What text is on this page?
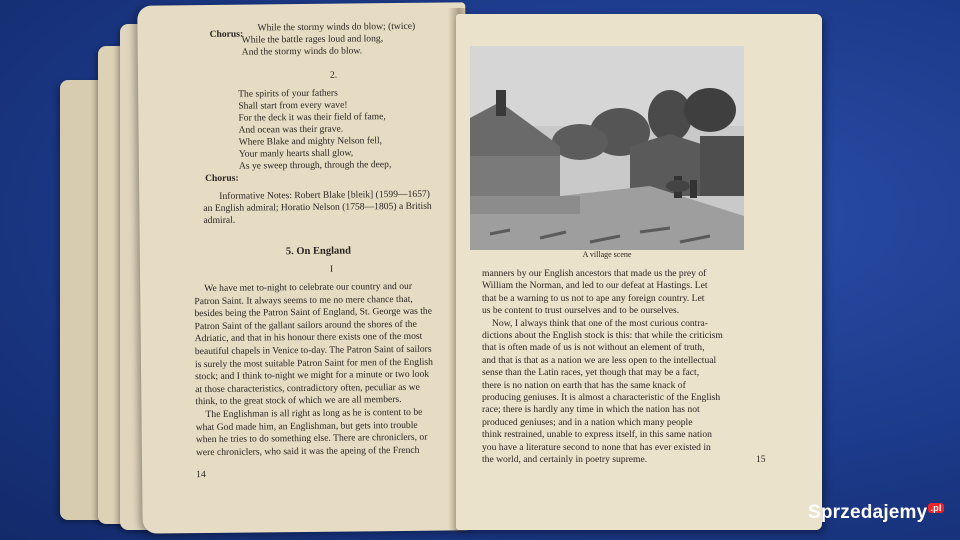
Chorus:
While the stormy winds do blow; (twice)
While the battle rages loud and long,
And the stormy winds do blow.
2.
The spirits of your fathers
Shall start from every wave!
For the deck it was their field of fame,
And ocean was their grave.
Where Blake and mighty Nelson fell,
Your manly hearts shall glow,
As ye sweep through, through the deep,
Chorus:
Informative Notes: Robert Blake [bleik] (1599—1657)
an English admiral; Horatio Nelson (1758—1805) a British
admiral.
5. On England
I
We have met to-night to celebrate our country and our
Patron Saint. It always seems to me no mere chance that,
besides being the Patron Saint of England, St. George was the
Patron Saint of the gallant sailors around the shores of the
Adriatic, and that in his honour there exists one of the most
beautiful chapels in Venice to-day. The Patron Saint of sailors
is surely the most suitable Patron Saint for men of the English
stock; and I think to-night we might for a minute or two look
at those characteristics, contradictory often, peculiar as we
think, to the great stock of which we are all members.
The Englishman is all right as long as he is content to be
what God made him, an Englishman, but gets into trouble
when he tries to do something else. There are chroniclers, or
were chroniclers, who said it was the apeing of the French
14
manners by our English ancestors that made us the prey of
William the Norman, and led to our defeat at Hastings. Let
that be a warning to us not to ape any foreign country. Let
us be content to trust ourselves and to be ourselves.
Now, I always think that one of the most curious contra-
dictions about the English stock is this: that while the criticism
that is often made of us is not without an element of truth,
and that is that as a nation we are less open to the intellectual
sense than the Latin races, yet though that may be a fact,
there is no nation on earth that has the same knack of
producing geniuses. It is almost a characteristic of the English
race; there is hardly any time in which the nation has not
produced geniuses; and in a nation which many people
think restrained, unable to express itself, in this same nation
you have a literature second to none that has ever existed in
the world, and certainly in poetry supreme.	15
A village scene
Sprzedajemy .pl
